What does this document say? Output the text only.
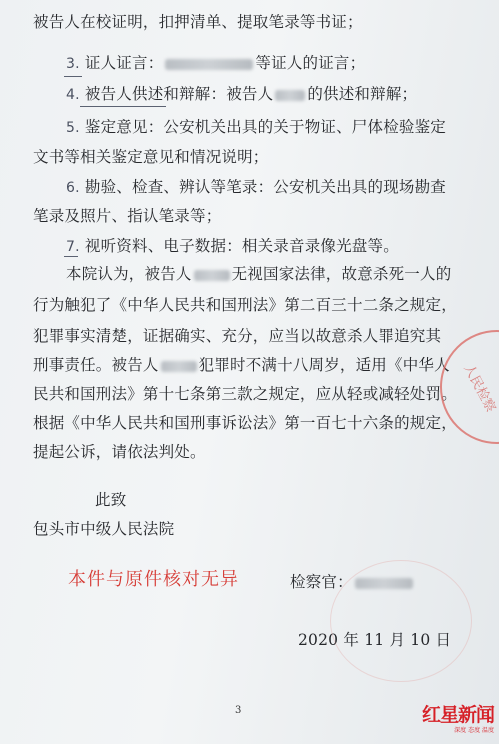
被告人在校证明，扣押清单、提取笔录等书证；
3. 证人证言：	等证人的证言；
4. 被告人供述和辩解：被告人 的供述和辩解；
5. 鉴定意见：公安机关出具的关于物证、尸体检验鉴定
文书等相关鉴定意见和情况说明；
6. 勘验、检查、辨认等笔录：公安机关出具的现场勘查
笔录及照片、指认笔录等；
7. 视听资料、电子数据：相关录音录像光盘等。
本院认为，被告人	无视国家法律，故意杀死一人的
行为触犯了《中华人民共和国刑法》第二百三十二条之规定，
犯罪事实清楚，证据确实、充分，应当以故意杀人罪追究其
刑事责任。被告人	犯罪时不满十八周岁，适用《中华人
民共和国刑法》第十七条第三款之规定，应从轻或减轻处罚。
根据《中华人民共和国刑事诉讼法》第一百七十六条的规定，
提起公诉，请依法判处。
此致
包头市中级人民法院
本件与原件核对无异	检察官：
2020 年 11 月 10 日
人民检察
3	红星新闻
深度 态度 温度
